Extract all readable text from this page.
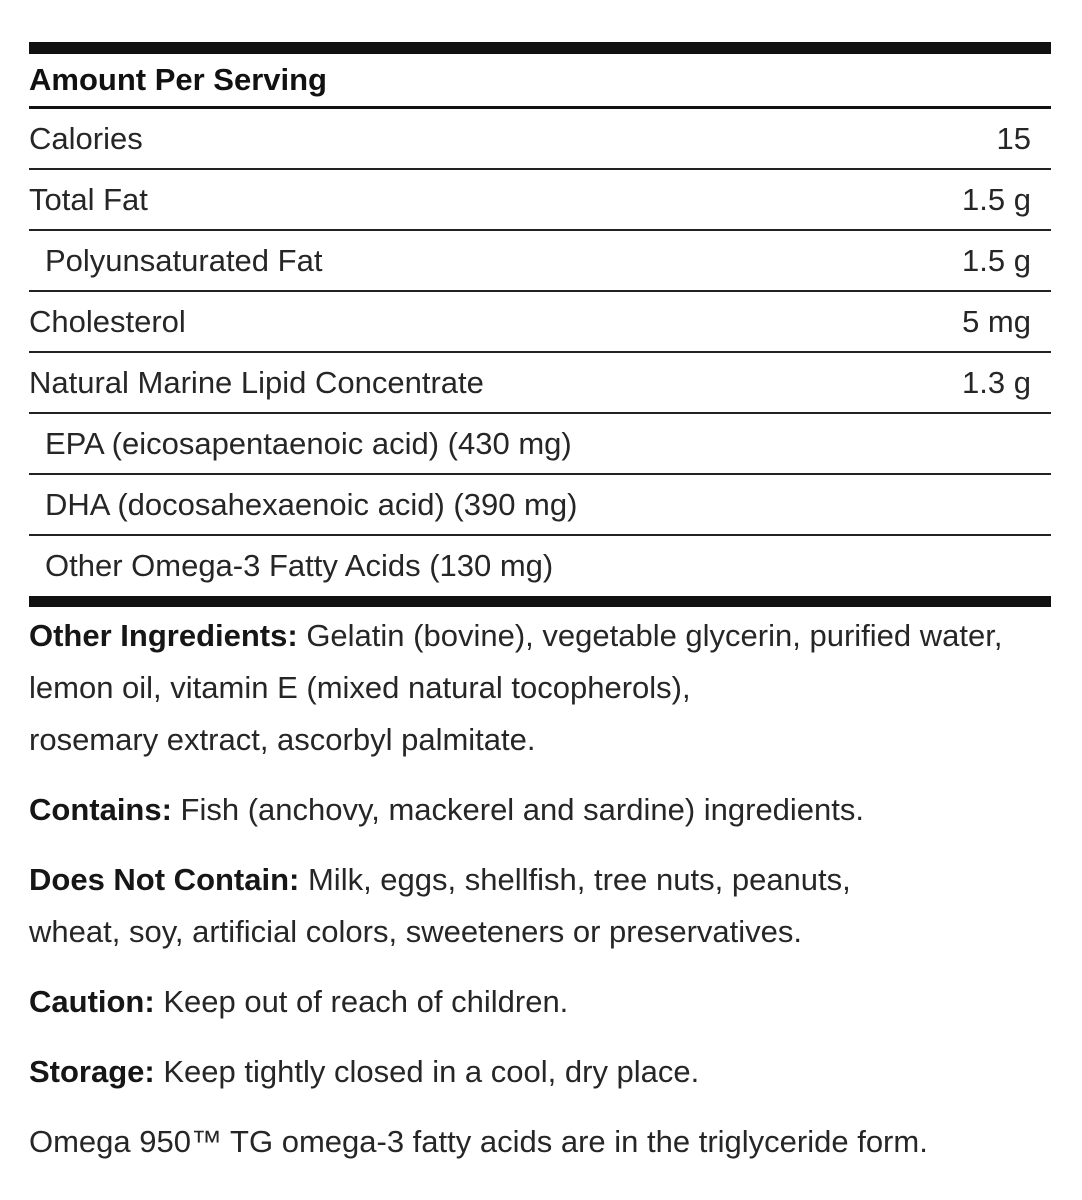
Amount Per Serving
Calories	15
Total Fat	1.5 g
Polyunsaturated Fat	1.5 g
Cholesterol	5 mg
Natural Marine Lipid Concentrate	1.3 g
EPA (eicosapentaenoic acid) (430 mg)
DHA (docosahexaenoic acid) (390 mg)
Other Omega-3 Fatty Acids (130 mg)

Other Ingredients: Gelatin (bovine), vegetable glycerin, purified water,

lemon oil, vitamin E (mixed natural tocopherols),

rosemary extract, ascorbyl palmitate.

Contains: Fish (anchovy, mackerel and sardine) ingredients.

Does Not Contain: Milk, eggs, shellfish, tree nuts, peanuts,

wheat, soy, artificial colors, sweeteners or preservatives.

Caution: Keep out of reach of children.

Storage: Keep tightly closed in a cool, dry place.

Omega 950™ TG omega-3 fatty acids are in the triglyceride form.
